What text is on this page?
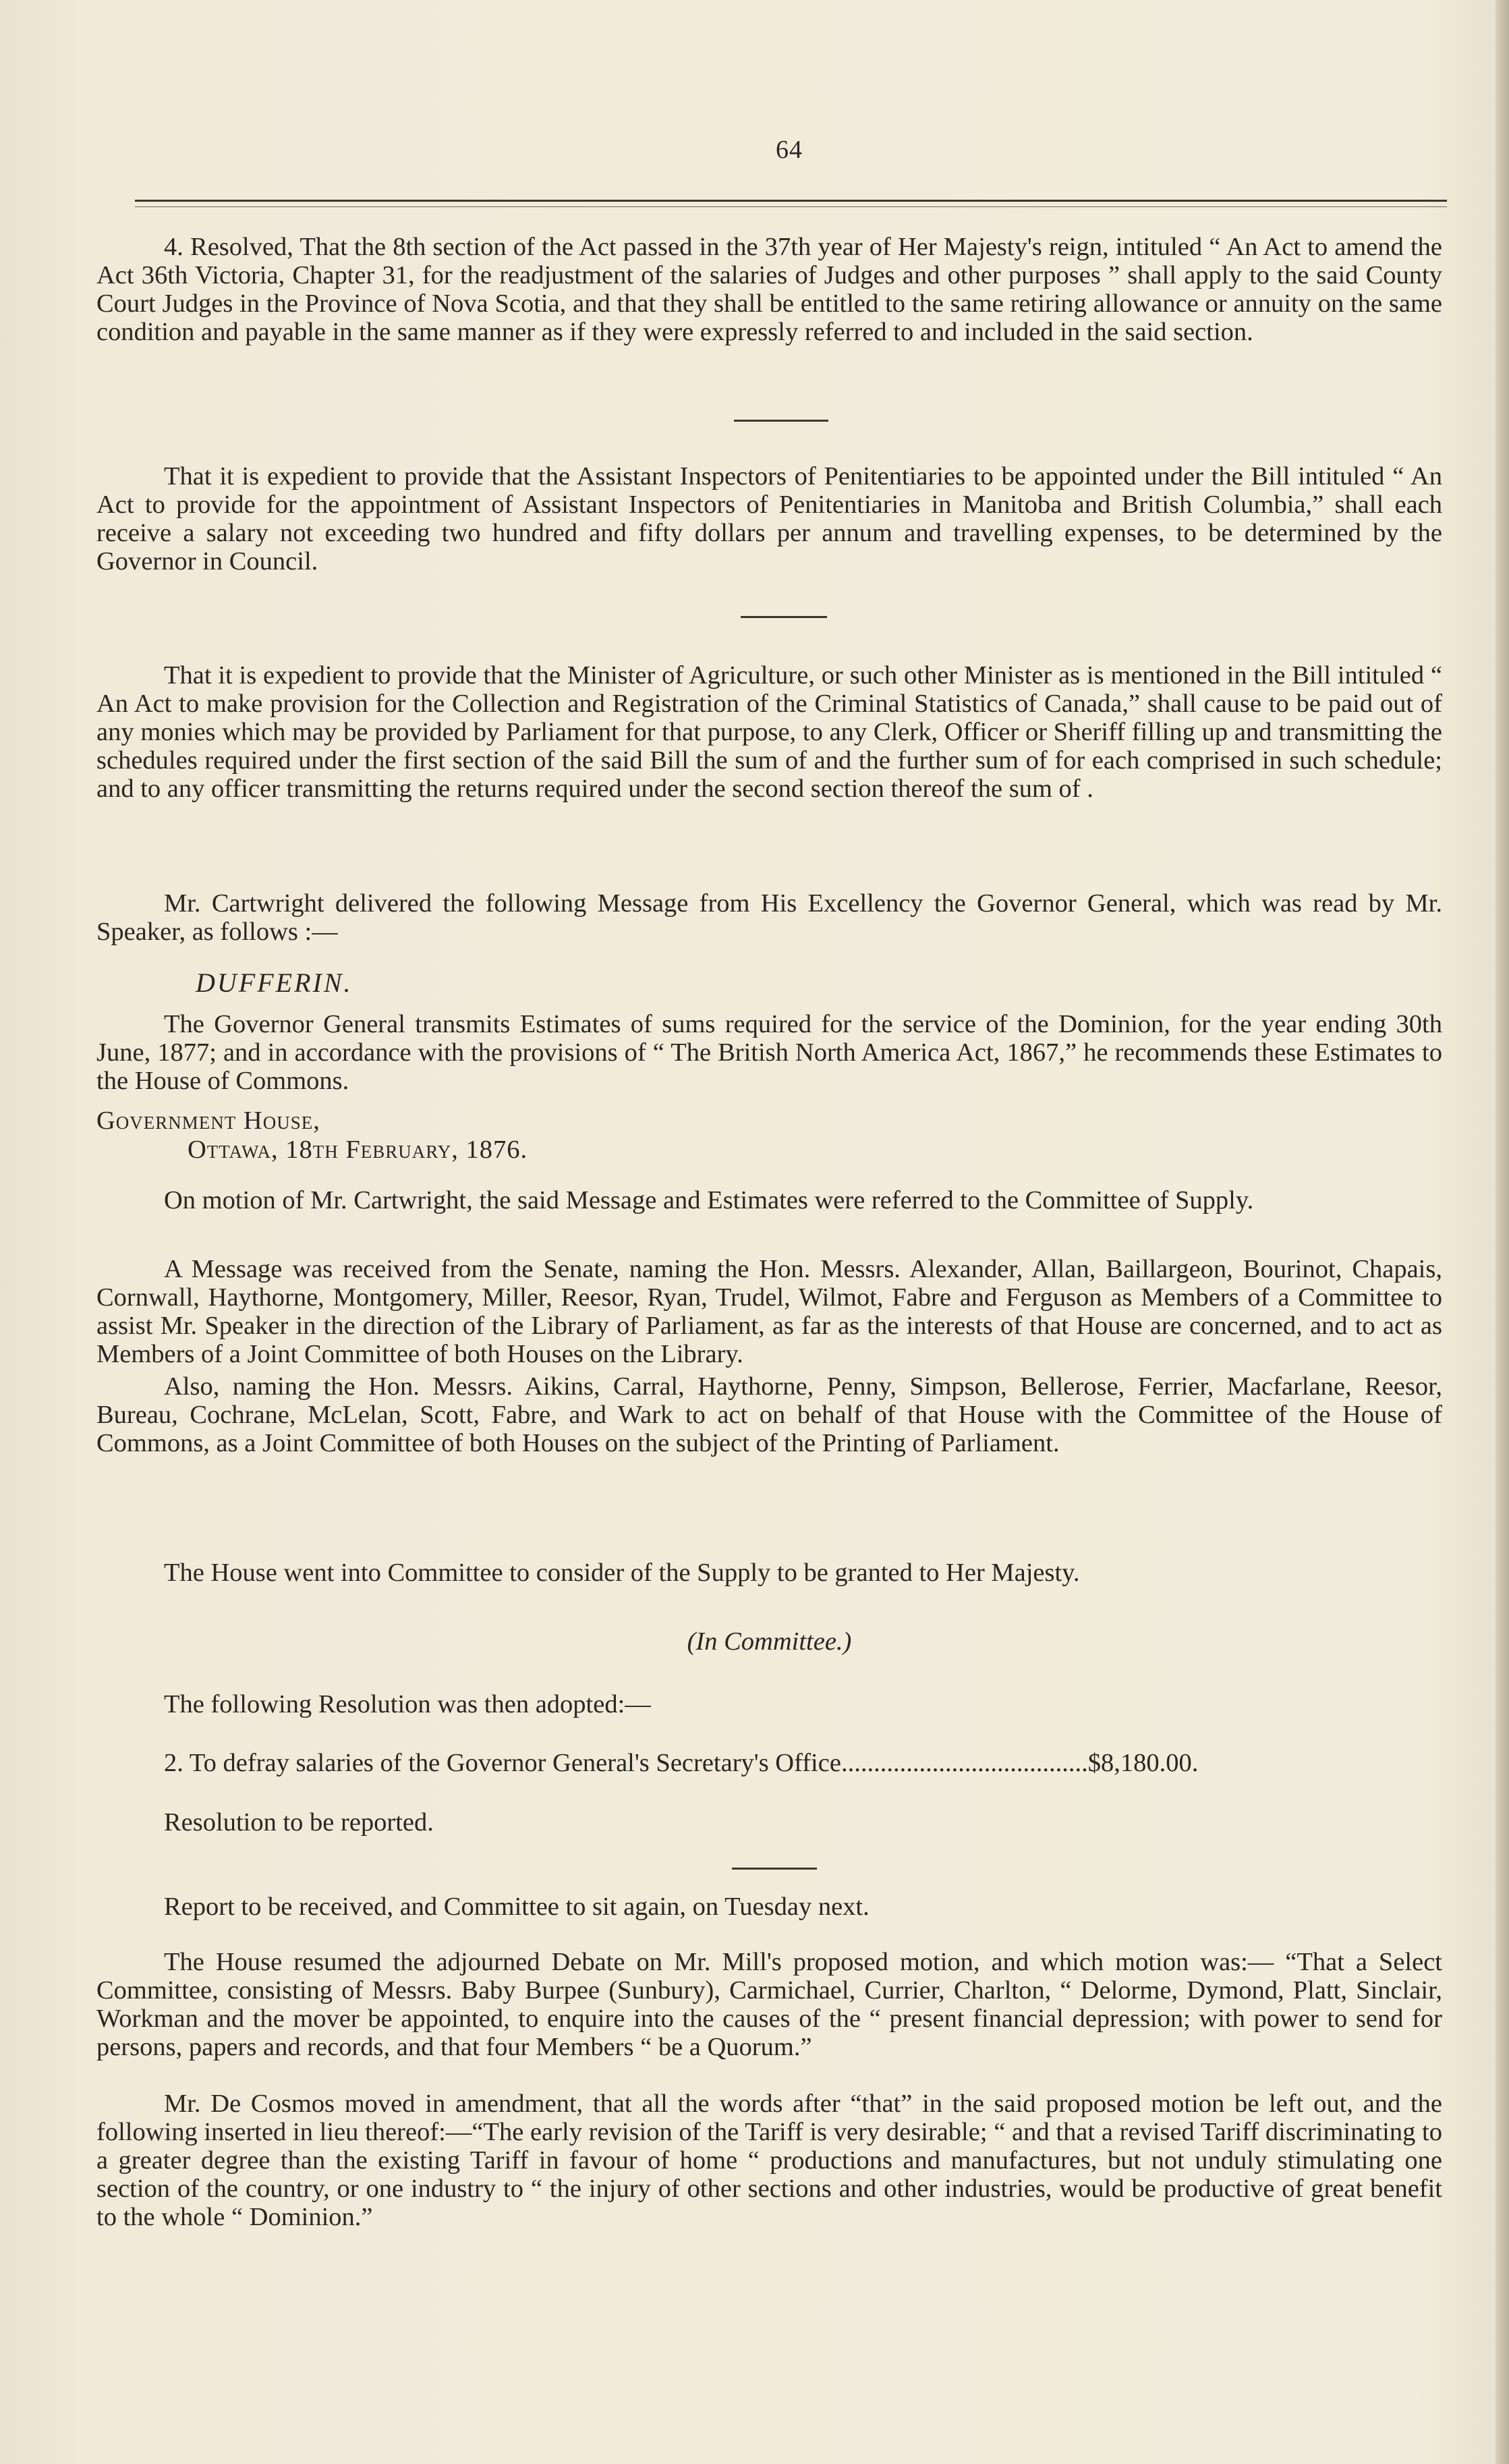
64

4. Resolved, That the 8th section of the Act passed in the 37th year of Her Majesty's reign, intituled “ An Act to amend the Act 36th Victoria, Chapter 31, for the readjustment of the salaries of Judges and other purposes ” shall apply to the said County Court Judges in the Province of Nova Scotia, and that they shall be entitled to the same retiring allowance or annuity on the same condition and payable in the same manner as if they were expressly referred to and included in the said section.

That it is expedient to provide that the Assistant Inspectors of Penitentiaries to be appointed under the Bill intituled “ An Act to provide for the appointment of Assistant Inspectors of Penitentiaries in Manitoba and British Columbia,” shall each receive a salary not exceeding two hundred and fifty dollars per annum and travelling expenses, to be determined by the Governor in Council.

That it is expedient to provide that the Minister of Agriculture, or such other Minister as is mentioned in the Bill intituled “ An Act to make provision for the Collection and Registration of the Criminal Statistics of Canada,” shall cause to be paid out of any monies which may be provided by Parliament for that purpose, to any Clerk, Officer or Sheriff filling up and transmitting the schedules required under the first section of the said Bill the sum of and the further sum of for each comprised in such schedule; and to any officer transmitting the returns required under the second section thereof the sum of .

Mr. Cartwright delivered the following Message from His Excellency the Governor General, which was read by Mr. Speaker, as follows :—

DUFFERIN.

The Governor General transmits Estimates of sums required for the service of the Dominion, for the year ending 30th June, 1877; and in accordance with the provisions of “ The British North America Act, 1867,” he recommends these Estimates to the House of Commons.

Government House,
Ottawa, 18th February, 1876.

On motion of Mr. Cartwright, the said Message and Estimates were referred to the Committee of Supply.

A Message was received from the Senate, naming the Hon. Messrs. Alexander, Allan, Baillargeon, Bourinot, Chapais, Cornwall, Haythorne, Montgomery, Miller, Reesor, Ryan, Trudel, Wilmot, Fabre and Ferguson as Members of a Committee to assist Mr. Speaker in the direction of the Library of Parliament, as far as the interests of that House are concerned, and to act as Members of a Joint Committee of both Houses on the Library.

Also, naming the Hon. Messrs. Aikins, Carral, Haythorne, Penny, Simpson, Bellerose, Ferrier, Macfarlane, Reesor, Bureau, Cochrane, McLelan, Scott, Fabre, and Wark to act on behalf of that House with the Committee of the House of Commons, as a Joint Committee of both Houses on the subject of the Printing of Parliament.

The House went into Committee to consider of the Supply to be granted to Her Majesty.

(In Committee.)

The following Resolution was then adopted:—

2. To defray salaries of the Governor General's Secretary's Office......................................$8,180.00.

Resolution to be reported.

Report to be received, and Committee to sit again, on Tuesday next.

The House resumed the adjourned Debate on Mr. Mill's proposed motion, and which motion was:— “That a Select Committee, consisting of Messrs. Baby Burpee (Sunbury), Carmichael, Currier, Charlton, “ Delorme, Dymond, Platt, Sinclair, Workman and the mover be appointed, to enquire into the causes of the “ present financial depression; with power to send for persons, papers and records, and that four Members “ be a Quorum.”

Mr. De Cosmos moved in amendment, that all the words after “that” in the said proposed motion be left out, and the following inserted in lieu thereof:—“The early revision of the Tariff is very desirable; “ and that a revised Tariff discriminating to a greater degree than the existing Tariff in favour of home “ productions and manufactures, but not unduly stimulating one section of the country, or one industry to “ the injury of other sections and other industries, would be productive of great benefit to the whole “ Dominion.”
